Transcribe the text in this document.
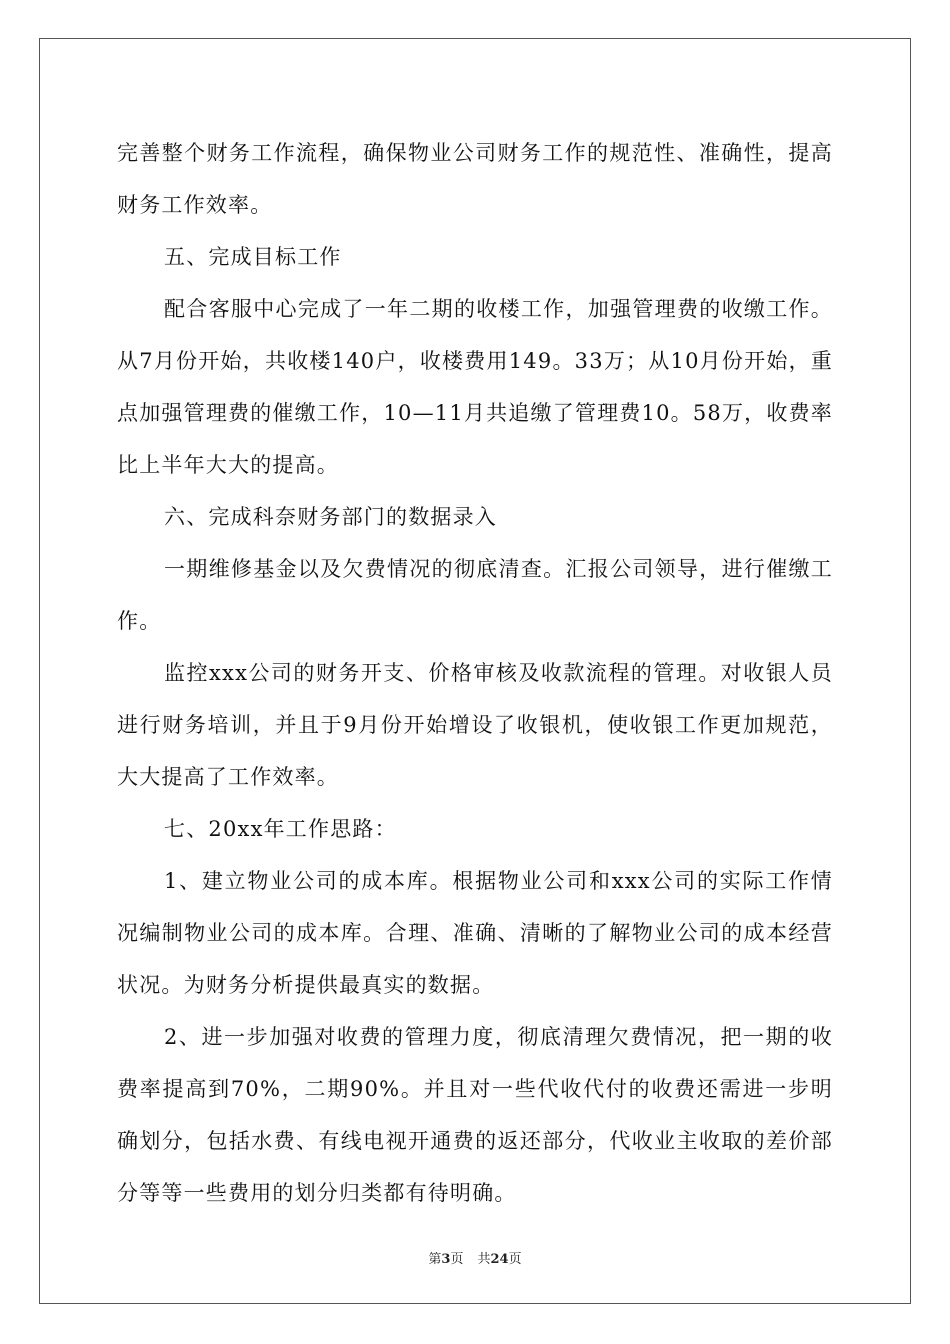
完善整个财务工作流程，确保物业公司财务工作的规范性、准确性，提高财务工作效率。

五、完成目标工作

配合客服中心完成了一年二期的收楼工作，加强管理费的收缴工作。从7月份开始，共收楼140户，收楼费用149。33万；从10月份开始，重点加强管理费的催缴工作，10—11月共追缴了管理费10。58万，收费率比上半年大大的提高。

六、完成科奈财务部门的数据录入

一期维修基金以及欠费情况的彻底清查。汇报公司领导，进行催缴工作。

监控xxx公司的财务开支、价格审核及收款流程的管理。对收银人员进行财务培训，并且于9月份开始增设了收银机，使收银工作更加规范，大大提高了工作效率。

七、20xx年工作思路：

1、建立物业公司的成本库。根据物业公司和xxx公司的实际工作情况编制物业公司的成本库。合理、准确、清晰的了解物业公司的成本经营状况。为财务分析提供最真实的数据。

2、进一步加强对收费的管理力度，彻底清理欠费情况，把一期的收费率提高到70%，二期90%。并且对一些代收代付的收费还需进一步明确划分，包括水费、有线电视开通费的返还部分，代收业主收取的差价部分等等一些费用的划分归类都有待明确。

第3页 共24页
